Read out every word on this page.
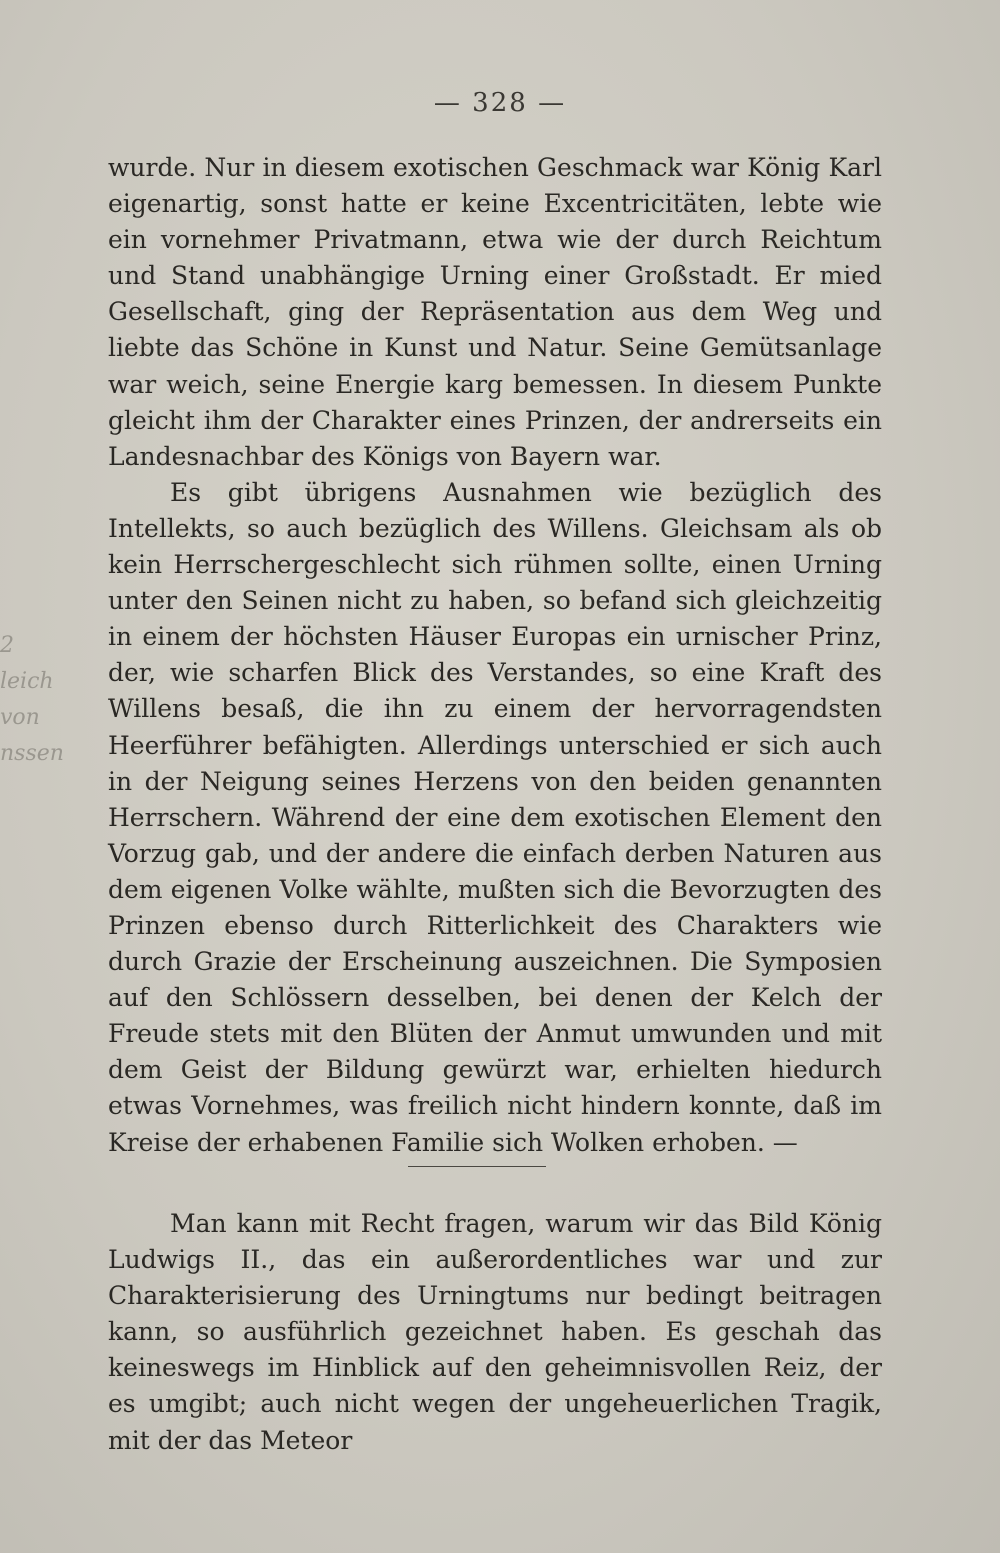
— 328 —
2
leich
von
nssen

wurde. Nur in diesem exotischen Geschmack war König Karl eigenartig, sonst hatte er keine Excentricitäten, lebte wie ein vornehmer Privatmann, etwa wie der durch Reichtum und Stand unabhängige Urning einer Großstadt. Er mied Gesellschaft, ging der Repräsentation aus dem Weg und liebte das Schöne in Kunst und Natur. Seine Gemütsanlage war weich, seine Energie karg bemessen. In diesem Punkte gleicht ihm der Charakter eines Prinzen, der andrerseits ein Landesnachbar des Königs von Bayern war.

Es gibt übrigens Ausnahmen wie bezüglich des Intellekts, so auch bezüglich des Willens. Gleichsam als ob kein Herrschergeschlecht sich rühmen sollte, einen Urning unter den Seinen nicht zu haben, so befand sich gleichzeitig in einem der höchsten Häuser Europas ein urnischer Prinz, der, wie scharfen Blick des Verstandes, so eine Kraft des Willens besaß, die ihn zu einem der hervorragendsten Heerführer befähigten. Allerdings unterschied er sich auch in der Neigung seines Herzens von den beiden genannten Herrschern. Während der eine dem exotischen Element den Vorzug gab, und der andere die einfach derben Naturen aus dem eigenen Volke wählte, mußten sich die Bevorzugten des Prinzen ebenso durch Ritterlichkeit des Charakters wie durch Grazie der Erscheinung auszeichnen. Die Symposien auf den Schlössern desselben, bei denen der Kelch der Freude stets mit den Blüten der Anmut umwunden und mit dem Geist der Bildung gewürzt war, erhielten hiedurch etwas Vornehmes, was freilich nicht hindern konnte, daß im Kreise der erhabenen Familie sich Wolken erhoben. —

Man kann mit Recht fragen, warum wir das Bild König Ludwigs II., das ein außerordentliches war und zur Charakterisierung des Urningtums nur bedingt beitragen kann, so ausführlich gezeichnet haben. Es geschah das keineswegs im Hinblick auf den geheimnisvollen Reiz, der es umgibt; auch nicht wegen der ungeheuerlichen Tragik, mit der das Meteor
